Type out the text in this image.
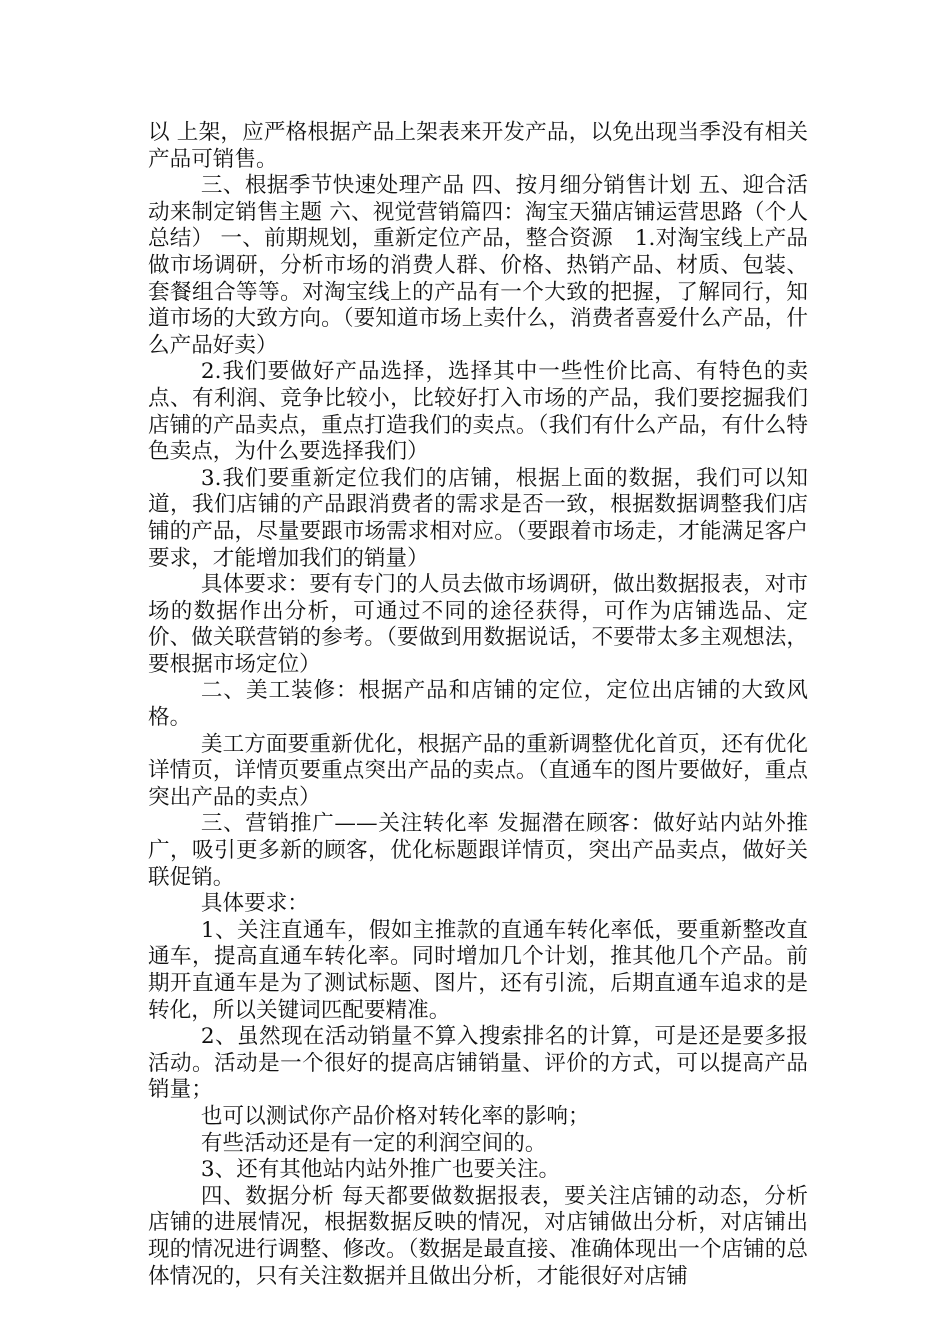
以 上架，应严格根据产品上架表来开发产品，以免出现当季没有相关产品可销售。

三、根据季节快速处理产品 四、按月细分销售计划 五、迎合活动来制定销售主题 六、视觉营销篇四：淘宝天猫店铺运营思路（个人总结） 一、前期规划，重新定位产品，整合资源　1.对淘宝线上产品做市场调研，分析市场的消费人群、价格、热销产品、材质、包装、套餐组合等等。对淘宝线上的产品有一个大致的把握，了解同行，知道市场的大致方向。（要知道市场上卖什么，消费者喜爱什么产品，什么产品好卖）

2.我们要做好产品选择，选择其中一些性价比高、有特色的卖点、有利润、竞争比较小，比较好打入市场的产品，我们要挖掘我们店铺的产品卖点，重点打造我们的卖点。（我们有什么产品，有什么特色卖点，为什么要选择我们）

3.我们要重新定位我们的店铺，根据上面的数据，我们可以知道，我们店铺的产品跟消费者的需求是否一致，根据数据调整我们店铺的产品，尽量要跟市场需求相对应。（要跟着市场走，才能满足客户要求，才能增加我们的销量）

具体要求：要有专门的人员去做市场调研，做出数据报表，对市场的数据作出分析，可通过不同的途径获得，可作为店铺选品、定价、做关联营销的参考。（要做到用数据说话，不要带太多主观想法，要根据市场定位）

二、美工装修：根据产品和店铺的定位，定位出店铺的大致风格。

美工方面要重新优化，根据产品的重新调整优化首页，还有优化详情页，详情页要重点突出产品的卖点。（直通车的图片要做好，重点突出产品的卖点）

三、营销推广——关注转化率 发掘潜在顾客：做好站内站外推广，吸引更多新的顾客，优化标题跟详情页，突出产品卖点，做好关联促销。

具体要求：

1、关注直通车，假如主推款的直通车转化率低，要重新整改直通车，提高直通车转化率。同时增加几个计划，推其他几个产品。前期开直通车是为了测试标题、图片，还有引流，后期直通车追求的是转化，所以关键词匹配要精准。

2、虽然现在活动销量不算入搜索排名的计算，可是还是要多报活动。活动是一个很好的提高店铺销量、评价的方式，可以提高产品销量；

也可以测试你产品价格对转化率的影响；

有些活动还是有一定的利润空间的。

3、还有其他站内站外推广也要关注。

四、数据分析 每天都要做数据报表，要关注店铺的动态，分析店铺的进展情况，根据数据反映的情况，对店铺做出分析，对店铺出现的情况进行调整、修改。（数据是最直接、准确体现出一个店铺的总体情况的，只有关注数据并且做出分析，才能很好对店铺
